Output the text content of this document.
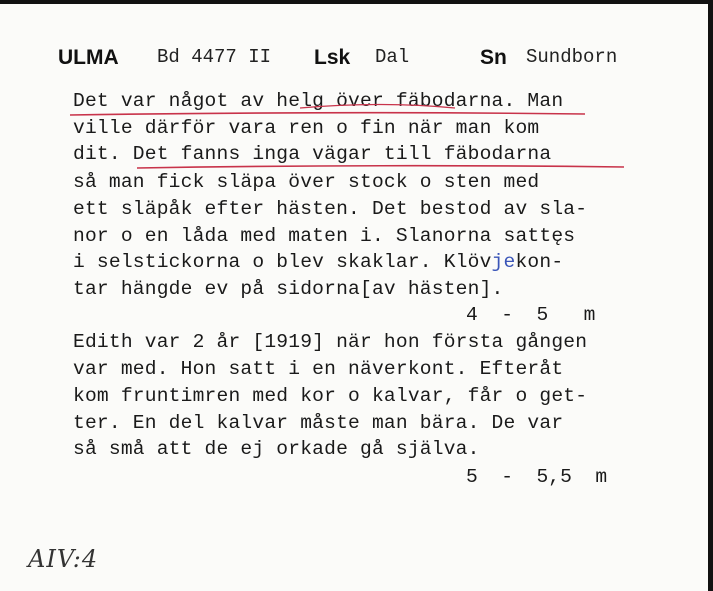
ULMA Bd 4477 II Lsk Dal	Sn Sundborn
Det var något av helg över fäbodarna. Man
ville därför vara ren o fin när man kom
dit. Det fanns inga vägar till fäbodarna
så man fick släpa över stock o sten med
ett släpåk efter hästen. Det bestod av sla-
nor o en låda med maten i. Slanorna sattęs
i selstickorna o blev skaklar. Klövjekon-
tar hängde ev på sidorna[av hästen].
4  -  5   m
Edith var 2 år [1919] när hon första gången
var med. Hon satt i en näverkont. Efteråt
kom fruntimren med kor o kalvar, får o get-
ter. En del kalvar måste man bära. De var
så små att de ej orkade gå själva.
5  -  5,5  m
AIV:4
